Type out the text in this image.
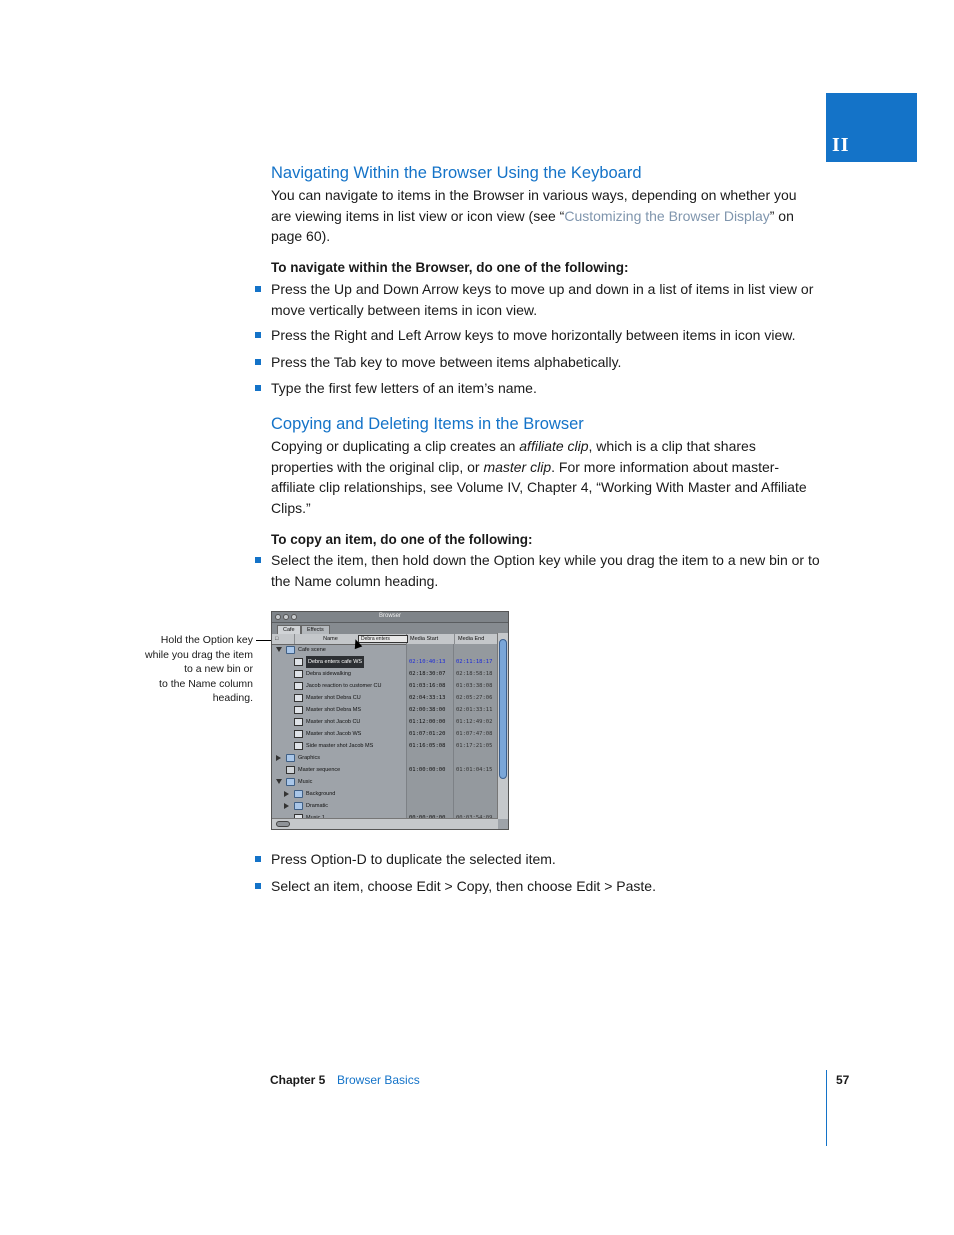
II
Navigating Within the Browser Using the Keyboard

You can navigate to items in the Browser in various ways, depending on whether you are viewing items in list view or icon view (see “Customizing the Browser Display” on page 60).

To navigate within the Browser, do one of the following:

Press the Up and Down Arrow keys to move up and down in a list of items in list view or move vertically between items in icon view.
Press the Right and Left Arrow keys to move horizontally between items in icon view.
Press the Tab key to move between items alphabetically.
Type the first few letters of an item’s name.
Copying and Deleting Items in the Browser

Copying or duplicating a clip creates an affiliate clip, which is a clip that shares properties with the original clip, or master clip. For more information about master-affiliate clip relationships, see Volume IV, Chapter 4, “Working With Master and Affiliate Clips.”

To copy an item, do one of the following:

Select the item, then hold down the Option key while you drag the item to a new bin or to the Name column heading.
Hold the Option key
while you drag the item
to a new bin or
to the Name column
heading.
Browser
Cafe	Effects
□	Name	Media Start	Media End
Debra enters
Cafe scene
Debra enters cafe WS	02:10:40:13 02:11:18:17
Debra sidewalking	02:18:30:07 02:18:58:18
Jacob reaction to customer CU	01:03:16:08 01:03:38:08
Master shot Debra CU	02:04:33:13 02:05:27:06
Master shot Debra MS	02:00:38:00 02:01:33:11
Master shot Jacob CU	01:12:00:00 01:12:49:02
Master shot Jacob WS	01:07:01:20 01:07:47:08
Side master shot Jacob MS	01:16:05:08 01:17:21:05
Graphics
Master sequence	01:00:00:00 01:01:04:15
Music
Background
Dramatic
Press Option-D to duplicate the selected item.
Select an item, choose Edit > Copy, then choose Edit > Paste.
Chapter 5 Browser Basics	57
